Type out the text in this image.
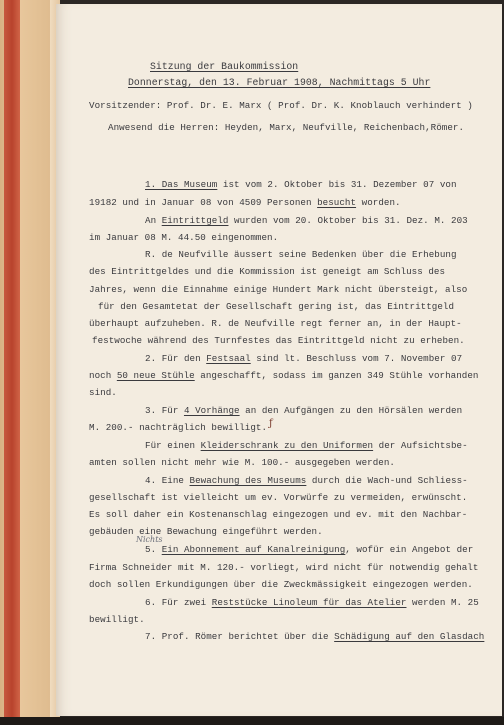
Sitzung der Baukommission
Donnerstag, den 13. Februar 1908, Nachmittags 5 Uhr
Vorsitzender: Prof. Dr. E. Marx ( Prof. Dr. K. Knoblauch verhindert )
Anwesend die Herren: Heyden, Marx, Neufville, Reichenbach,Römer.
1. Das Museum ist vom 2. Oktober bis 31. Dezember 07 von
19182 und in Januar 08 von 4509 Personen besucht worden.
An Eintrittgeld wurden vom 20. Oktober bis 31. Dez. M. 203
im Januar 08 M. 44.50 eingenommen.
R. de Neufville äussert seine Bedenken über die Erhebung
des Eintrittgeldes und die Kommission ist geneigt am Schluss des
Jahres, wenn die Einnahme einige Hundert Mark nicht übersteigt, also
für den Gesamtetat der Gesellschaft gering ist, das Eintrittgeld
überhaupt aufzuheben. R. de Neufville regt ferner an, in der Haupt-
festwoche während des Turnfestes das Eintrittgeld nicht zu erheben.
2. Für den Festsaal sind lt. Beschluss vom 7. November 07
noch 50 neue Stühle angeschafft, sodass im ganzen 349 Stühle vorhanden
sind.
3. Für 4 Vorhänge an den Aufgängen zu den Hörsälen werden
M. 200.- nachträglich bewilligt. ƒ
Für einen Kleiderschrank zu den Uniformen der Aufsichtsbe-
amten sollen nicht mehr wie M. 100.- ausgegeben werden.
4. Eine Bewachung des Museums durch die Wach-und Schliess-
gesellschaft ist vielleicht um ev. Vorwürfe zu vermeiden, erwünscht.
Es soll daher ein Kostenanschlag eingezogen und ev. mit den Nachbar-
gebäuden eine Bewachung eingeführt werden.
5. Ein Abonnement auf Kanalreinigung, wofür ein Angebot der
Nichts
Firma Schneider mit M. 120.- vorliegt, wird nicht für notwendig gehalt
doch sollen Erkundigungen über die Zweckmässigkeit eingezogen werden.
6. Für zwei Reststücke Linoleum für das Atelier werden M. 25
bewilligt.
7. Prof. Römer berichtet über die Schädigung auf den Glasdach
